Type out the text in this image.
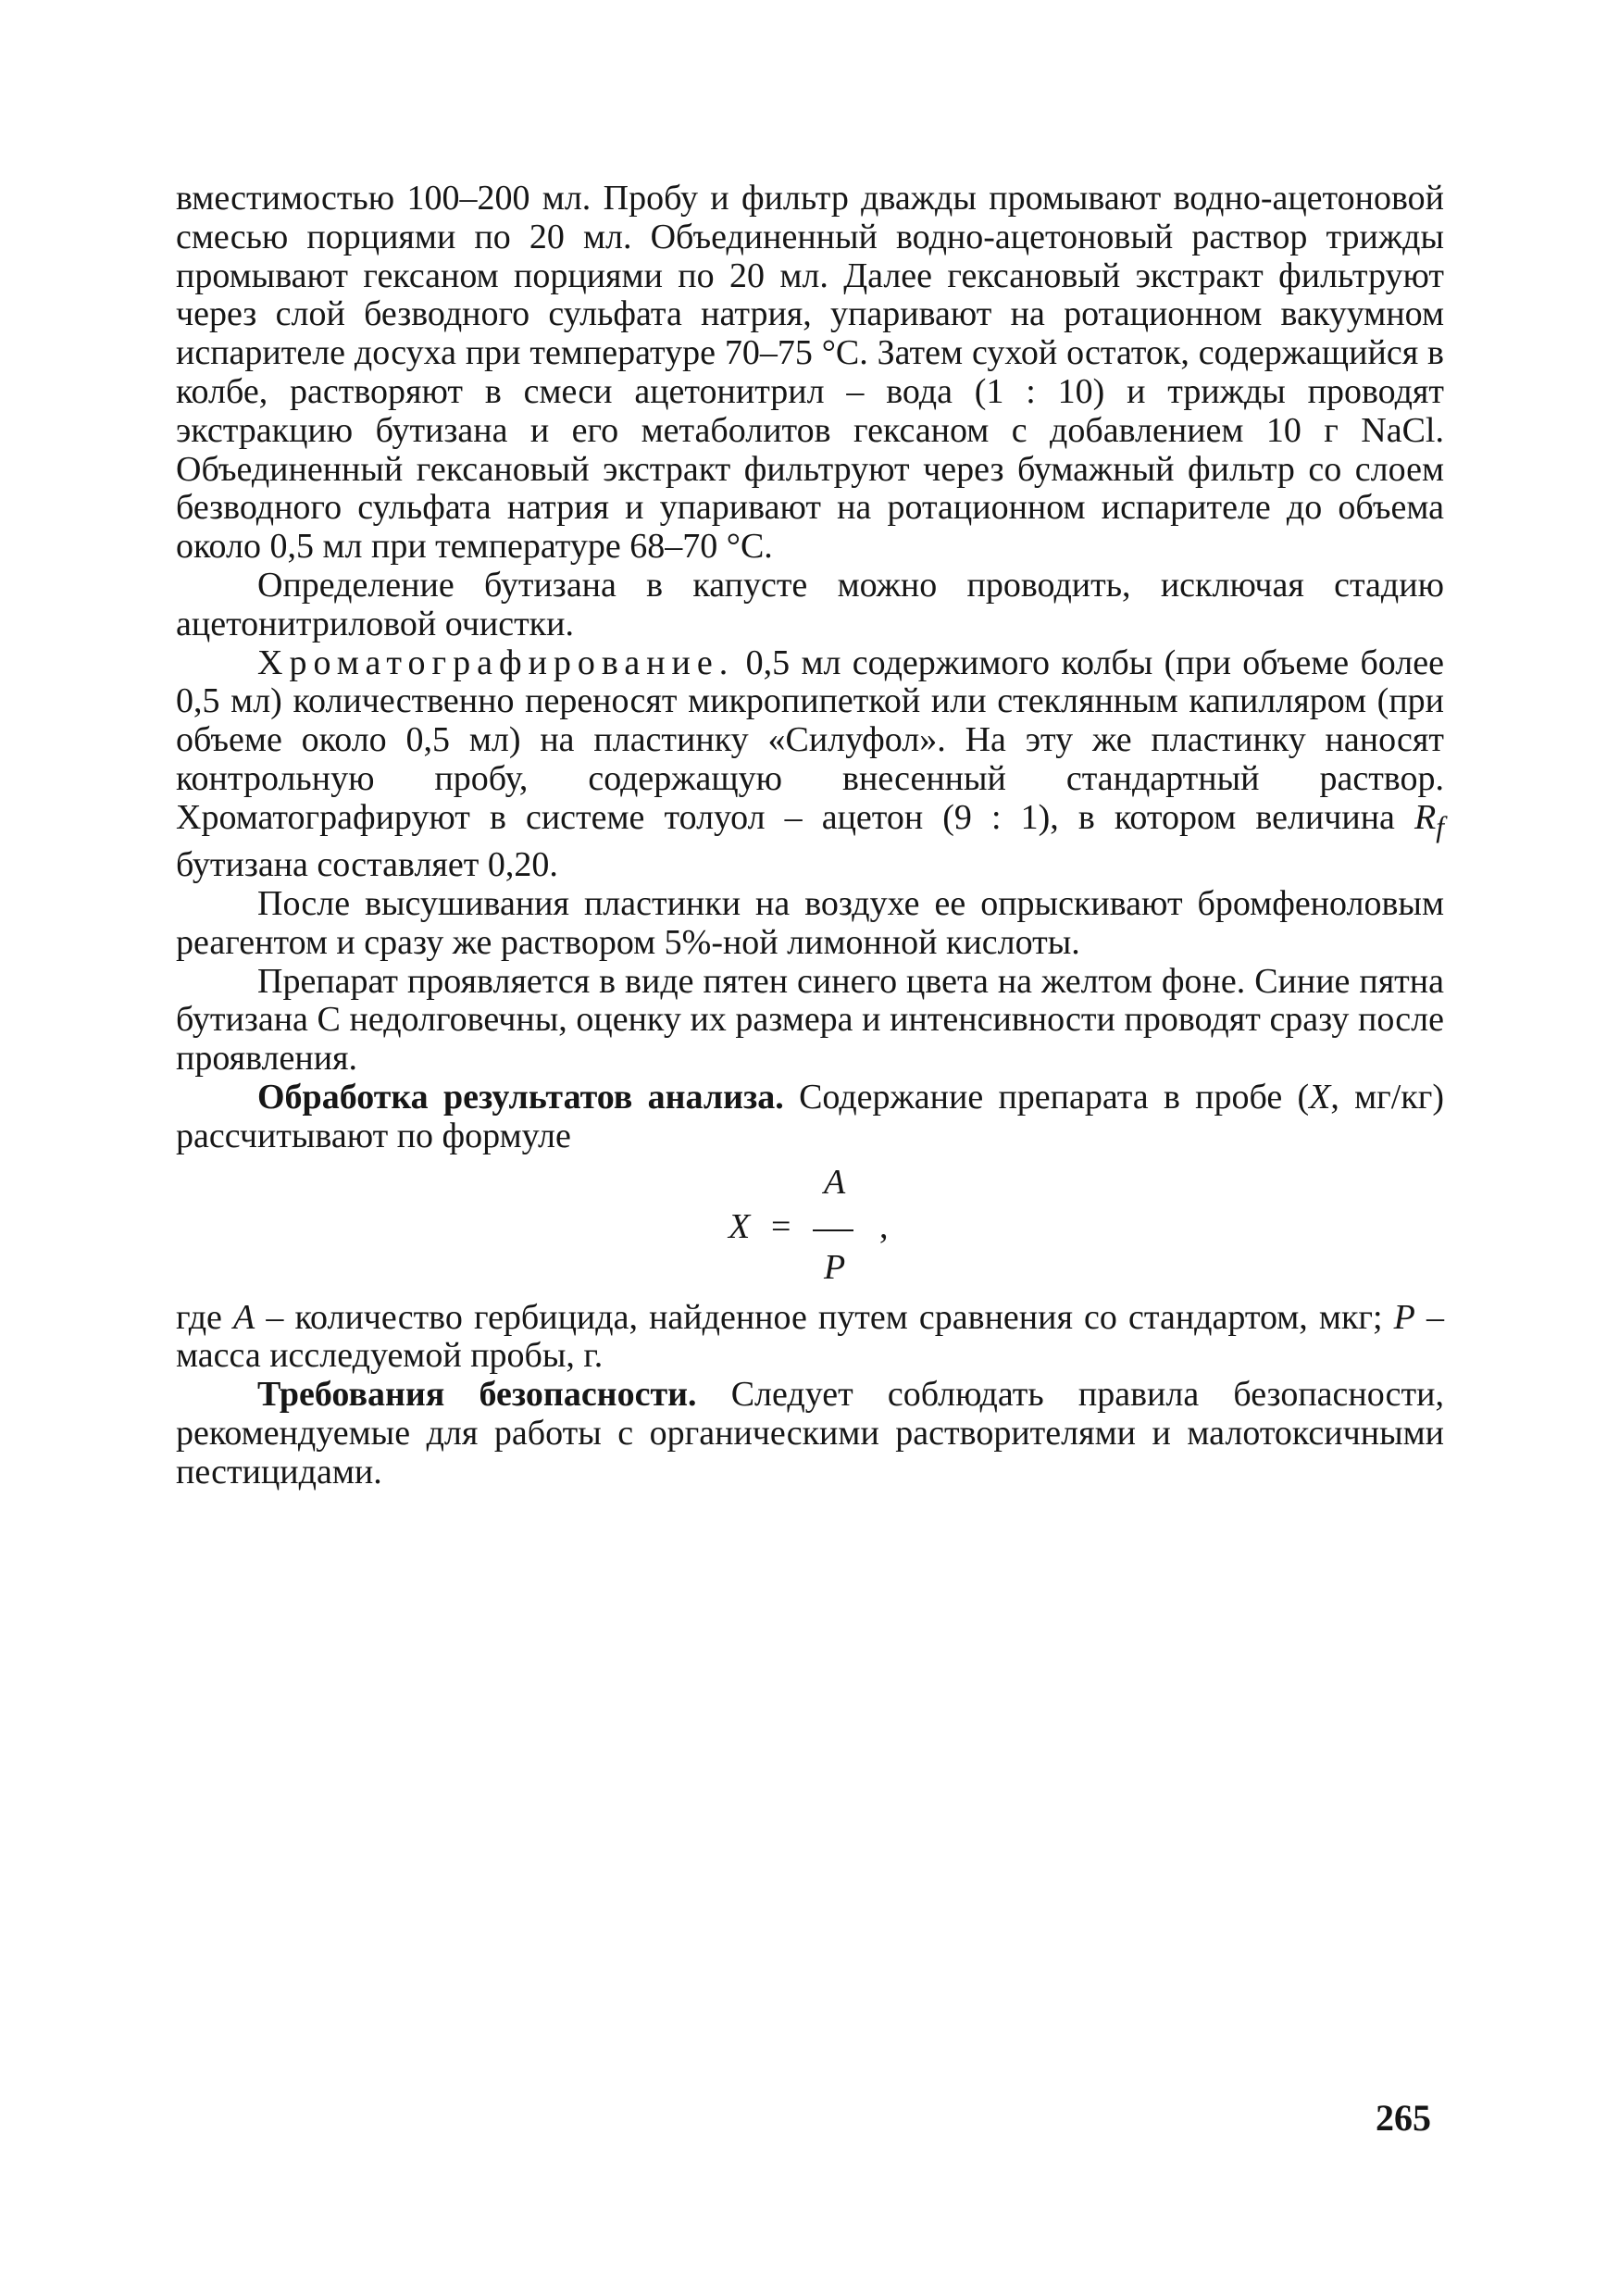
вместимостью 100–200 мл. Пробу и фильтр дважды промывают водно-ацетоновой смесью порциями по 20 мл. Объединенный водно-ацетоновый раствор трижды промывают гексаном порциями по 20 мл. Далее гексановый экстракт фильтруют через слой безводного сульфата натрия, упаривают на ротационном вакуумном испарителе досуха при температуре 70–75 °С. Затем сухой остаток, содержащийся в колбе, растворяют в смеси ацетонитрил – вода (1 : 10) и трижды проводят экстракцию бутизана и его метаболитов гексаном с добавлением 10 г NaCl. Объединенный гексановый экстракт фильтруют через бумажный фильтр со слоем безводного сульфата натрия и упаривают на ротационном испарителе до объема около 0,5 мл при температуре 68–70 °С.

Определение бутизана в капусте можно проводить, исключая стадию ацетонитриловой очистки.

Хроматографирование. 0,5 мл содержимого колбы (при объеме более 0,5 мл) количественно переносят микропипеткой или стеклянным капилляром (при объеме около 0,5 мл) на пластинку «Силуфол». На эту же пластинку наносят контрольную пробу, содержащую внесенный стандартный раствор. Хроматографируют в системе толуол – ацетон (9 : 1), в котором величина $R_f$ бутизана составляет 0,20.

После высушивания пластинки на воздухе ее опрыскивают бромфеноловым реагентом и сразу же раствором 5%-ной лимонной кислоты.

Препарат проявляется в виде пятен синего цвета на желтом фоне. Синие пятна бутизана С недолговечны, оценку их размера и интенсивности проводят сразу после проявления.

Обработка результатов анализа. Содержание препарата в пробе (X, мг/кг) рассчитывают по формуле

X =
A
P
,

где A – количество гербицида, найденное путем сравнения со стандартом, мкг; P – масса исследуемой пробы, г.

Требования безопасности. Следует соблюдать правила безопасности, рекомендуемые для работы с органическими растворителями и малотоксичными пестицидами.

265
